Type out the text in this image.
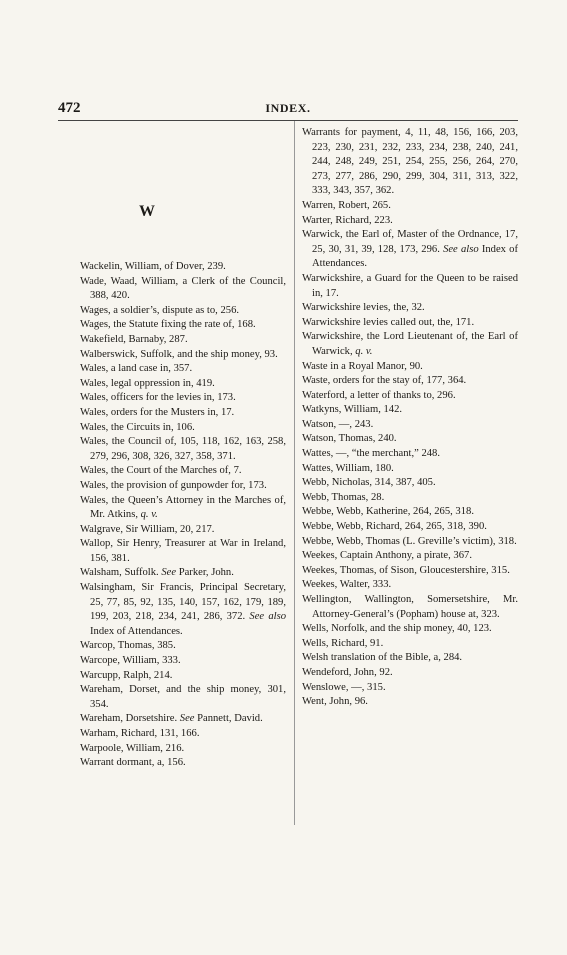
472	INDEX.
W

Wackelin, William, of Dover, 239.

Wade, Waad, William, a Clerk of the Council, 388, 420.

Wages, a soldier’s, dispute as to, 256.

Wages, the Statute fixing the rate of, 168.

Wakefield, Barnaby, 287.

Walberswick, Suffolk, and the ship money, 93.

Wales, a land case in, 357.

Wales, legal oppression in, 419.

Wales, officers for the levies in, 173.

Wales, orders for the Musters in, 17.

Wales, the Circuits in, 106.

Wales, the Council of, 105, 118, 162, 163, 258, 279, 296, 308, 326, 327, 358, 371.

Wales, the Court of the Marches of, 7.

Wales, the provision of gunpowder for, 173.

Wales, the Queen’s Attorney in the Marches of, Mr. Atkins, q. v.

Walgrave, Sir William, 20, 217.

Wallop, Sir Henry, Treasurer at War in Ireland, 156, 381.

Walsham, Suffolk. See Parker, John.

Walsingham, Sir Francis, Principal Secretary, 25, 77, 85, 92, 135, 140, 157, 162, 179, 189, 199, 203, 218, 234, 241, 286, 372. See also Index of Attendances.

Warcop, Thomas, 385.

Warcope, William, 333.

Warcupp, Ralph, 214.

Wareham, Dorset, and the ship money, 301, 354.

Wareham, Dorsetshire. See Pannett, David.

Warham, Richard, 131, 166.

Warpoole, William, 216.

Warrant dormant, a, 156.

Warrants for payment, 4, 11, 48, 156, 166, 203, 223, 230, 231, 232, 233, 234, 238, 240, 241, 244, 248, 249, 251, 254, 255, 256, 264, 270, 273, 277, 286, 290, 299, 304, 311, 313, 322, 333, 343, 357, 362.

Warren, Robert, 265.

Warter, Richard, 223.

Warwick, the Earl of, Master of the Ordnance, 17, 25, 30, 31, 39, 128, 173, 296. See also Index of Attendances.

Warwickshire, a Guard for the Queen to be raised in, 17.

Warwickshire levies, the, 32.

Warwickshire levies called out, the, 171.

Warwickshire, the Lord Lieutenant of, the Earl of Warwick, q. v.

Waste in a Royal Manor, 90.

Waste, orders for the stay of, 177, 364.

Waterford, a letter of thanks to, 296.

Watkyns, William, 142.

Watson, —, 243.

Watson, Thomas, 240.

Wattes, —, “the merchant,” 248.

Wattes, William, 180.

Webb, Nicholas, 314, 387, 405.

Webb, Thomas, 28.

Webbe, Webb, Katherine, 264, 265, 318.

Webbe, Webb, Richard, 264, 265, 318, 390.

Webbe, Webb, Thomas (L. Greville’s victim), 318.

Weekes, Captain Anthony, a pirate, 367.

Weekes, Thomas, of Sison, Gloucestershire, 315.

Weekes, Walter, 333.

Wellington, Wallington, Somersetshire, Mr. Attorney-General’s (Popham) house at, 323.

Wells, Norfolk, and the ship money, 40, 123.

Wells, Richard, 91.

Welsh translation of the Bible, a, 284.

Wendeford, John, 92.

Wenslowe, —, 315.

Went, John, 96.
